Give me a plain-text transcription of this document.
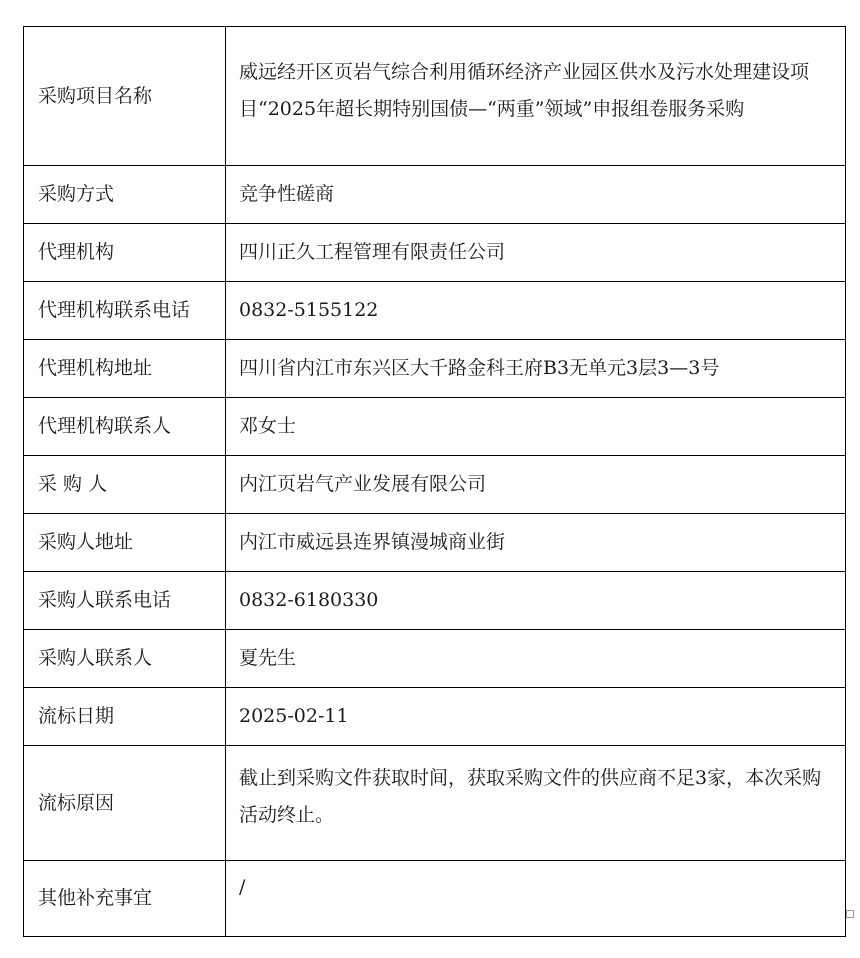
采购项目名称	威远经开区页岩气综合利用循环经济产业园区供水及污水处理建设项目“2025年超长期特别国债—“两重”领域”申报组卷服务采购
采购方式	竞争性磋商
代理机构	四川正久工程管理有限责任公司
代理机构联系电话	0832-5155122
代理机构地址	四川省内江市东兴区大千路金科王府B3无单元3层3—3号
代理机构联系人	邓女士
采 购 人	内江页岩气产业发展有限公司
采购人地址	内江市威远县连界镇漫城商业街
采购人联系电话	0832-6180330
采购人联系人	夏先生
流标日期	2025-02-11
流标原因	截止到采购文件获取时间，获取采购文件的供应商不足3家，本次采购活动终止。
其他补充事宜	/
